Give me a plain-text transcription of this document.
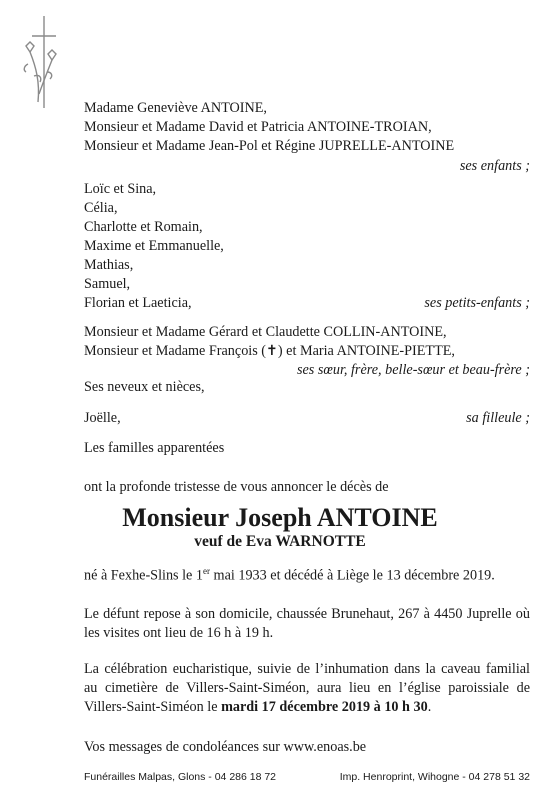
Madame Geneviève ANTOINE,
Monsieur et Madame David et Patricia ANTOINE-TROIAN,
Monsieur et Madame Jean-Pol et Régine JUPRELLE-ANTOINE
ses enfants ;
Loïc et Sina,
Célia,
Charlotte et Romain,
Maxime et Emmanuelle,
Mathias,
Samuel,
Florian et Laeticia,	ses petits-enfants ;
Monsieur et Madame Gérard et Claudette COLLIN-ANTOINE,
Monsieur et Madame François (✝) et Maria ANTOINE-PIETTE,
ses sœur, frère, belle-sœur et beau-frère ;
Ses neveux et nièces,
Joëlle,	sa filleule ;
Les familles apparentées
ont la profonde tristesse de vous annoncer le décès de
Monsieur Joseph ANTOINE
veuf de Eva WARNOTTE
né à Fexhe-Slins le 1er mai 1933 et décédé à Liège le 13 décembre 2019.
Le défunt repose à son domicile, chaussée Brunehaut, 267 à 4450 Juprelle où les visites ont lieu de 16 h à 19 h.
La célébration eucharistique, suivie de l’inhumation dans la caveau familial au cimetière de Villers-Saint-Siméon, aura lieu en l’église paroissiale de Villers-Saint-Siméon le mardi 17 décembre 2019 à 10 h 30.
Vos messages de condoléances sur www.enoas.be
Funérailles Malpas, Glons - 04 286 18 72	Imp. Henroprint, Wihogne - 04 278 51 32
